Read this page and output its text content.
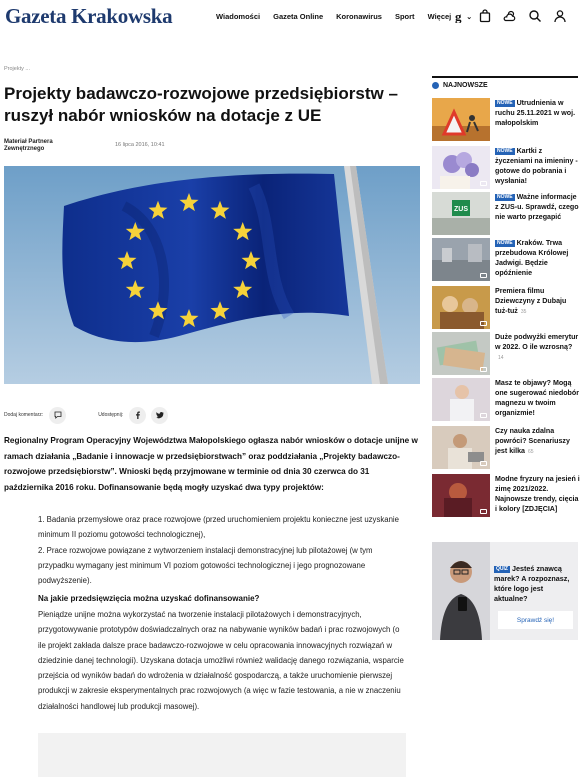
Gazeta Krakowska	Wiadomości Gazeta Online Koronawirus Sport Więcej ⌄
g
Projekty ...
Projekty badawczo-rozwojowe przedsiębiorstw – ruszył nabór wniosków na dotacje z UE
Materiał Partnera Zewnętrznego
16 lipca 2016, 10:41
Dodaj komentarz:	Udostępnij:

Regionalny Program Operacyjny Województwa Małopolskiego ogłasza nabór wniosków o dotacje unijne w ramach działania „Badanie i innowacje w przedsiębiorstwach” oraz poddziałania „Projekty badawczo-rozwojowe przedsiębiorstw”. Wnioski będą przyjmowane w terminie od dnia 30 czerwca do 31 października 2016 roku. Dofinansowanie będą mogły uzyskać dwa typy projektów:

1. Badania przemysłowe oraz prace rozwojowe (przed uruchomieniem projektu konieczne jest uzyskanie minimum II poziomu gotowości technologicznej),
2. Prace rozwojowe powiązane z wytworzeniem instalacji demonstracyjnej lub pilotażowej (w tym przypadku wymagany jest minimum VI poziom gotowości technologicznej i jego prognozowane podwyższenie).
Na jakie przedsięwzięcia można uzyskać dofinansowanie?

Pieniądze unijne można wykorzystać na tworzenie instalacji pilotażowych i demonstracyjnych, przygotowywanie prototypów doświadczalnych oraz na nabywanie wyników badań i prac rozwojowych (o ile projekt zakłada dalsze prace badawczo-rozwojowe w celu opracowania innowacyjnych rozwiązań w dziedzinie danej technologii). Uzyskana dotacja umożliwi również walidację danego rozwiązania, wsparcie przejścia od wyników badań do wdrożenia w działalność gospodarczą, a także uruchomienie pierwszej produkcji w zakresie eksperymentalnych prac rozwojowych (a więc w fazie testowania, a nie w znaczeniu działalności handlowej lub produkcji masowej).

NAJNOWSZE
NOWE Utrudnienia w ruchu 25.11.2021 w woj. małopolskim
NOWE Kartki z życzeniami na imieniny - gotowe do pobrania i wysłania!
ZUS
NOWE Ważne informacje z ZUS-u. Sprawdź, czego nie warto przegapić
NOWE Kraków. Trwa przebudowa Królowej Jadwigi. Będzie opóźnienie
Premiera filmu Dziewczyny z Dubaju tuż-tuż 35
Duże podwyżki emerytur w 2022. O ile wzrosną?14
Masz te objawy? Mogą one sugerować niedobór magnezu w twoim organizmie!
Czy nauka zdalna powróci? Scenariuszy jest kilka 65
Modne fryzury na jesień i zimę 2021/2022. Najnowsze trendy, cięcia i kolory [ZDJĘCIA]
QUIZ Jesteś znawcą marek? A rozpoznasz, które logo jest aktualne?
Sprawdź się!
